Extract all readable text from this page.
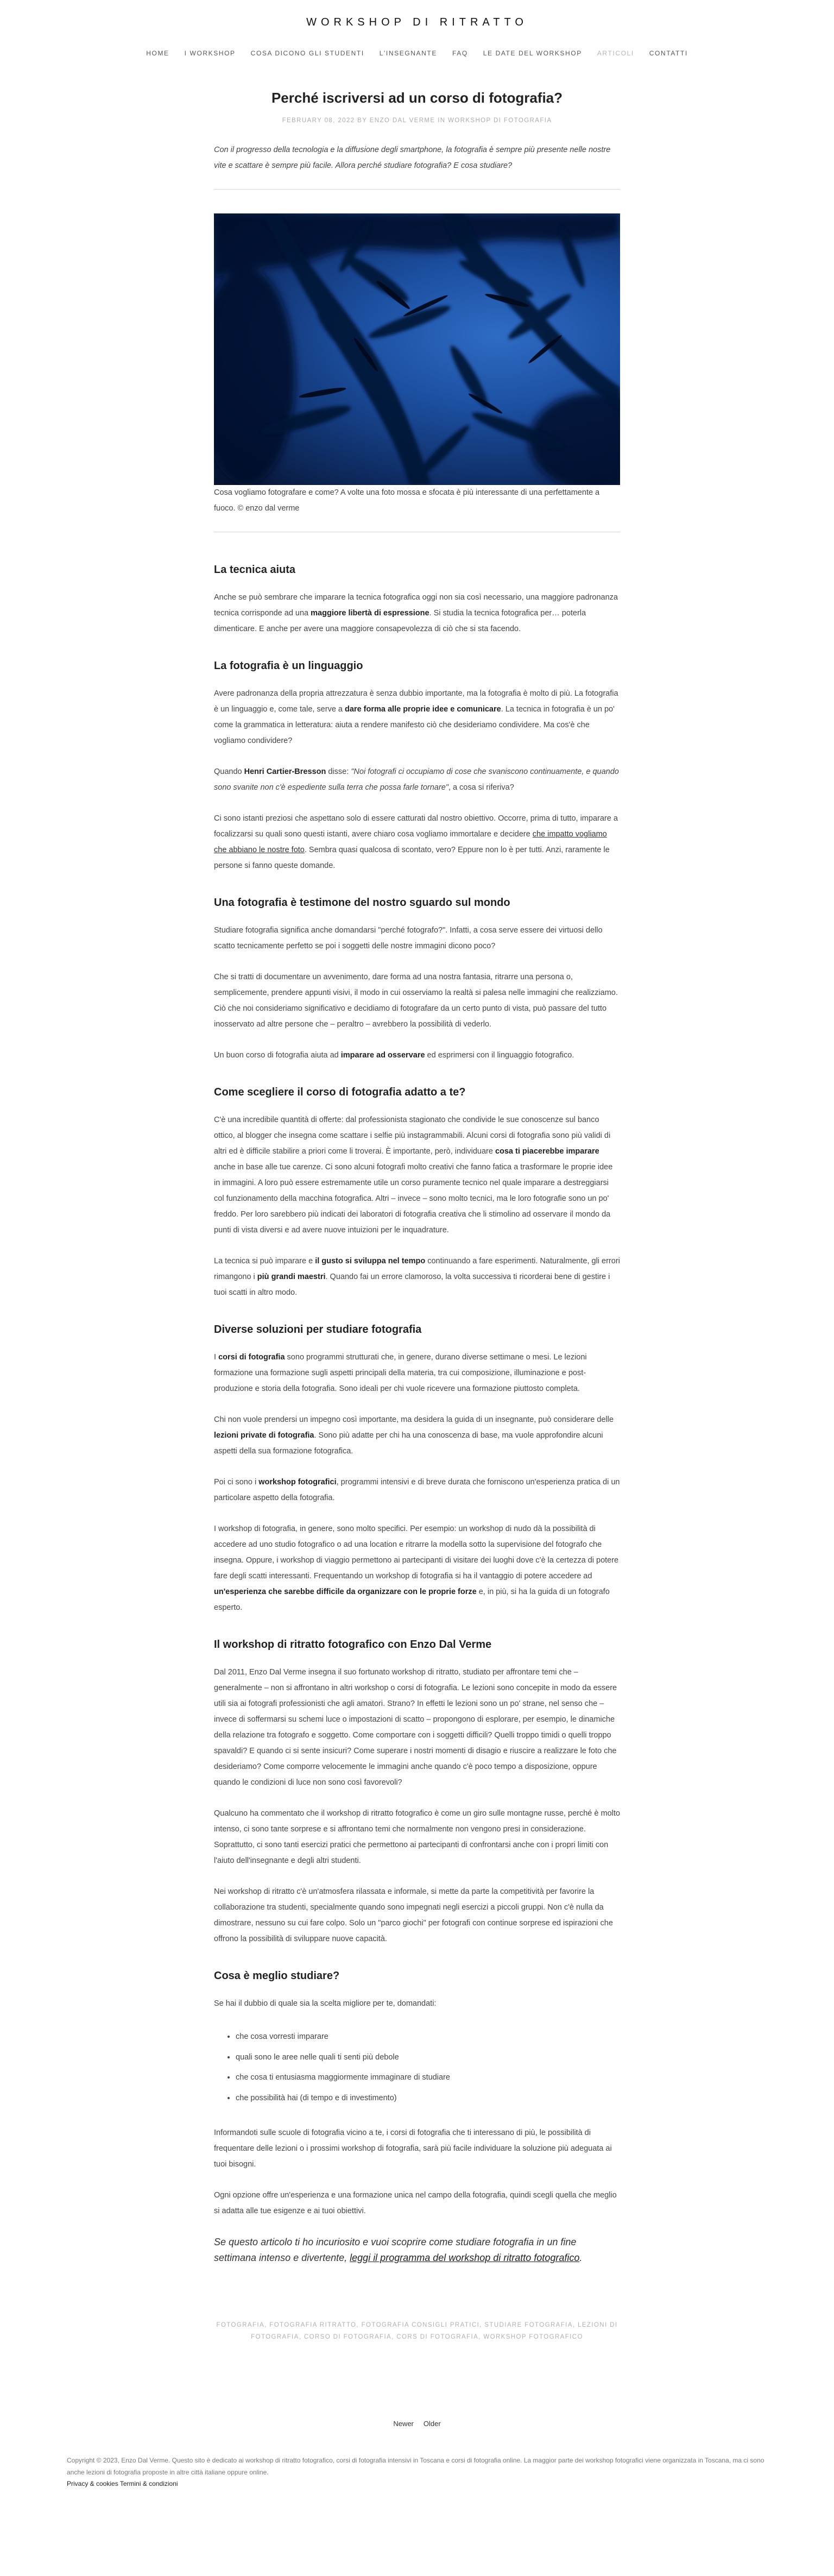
WORKSHOP DI RITRATTO
HOME I WORKSHOP COSA DICONO GLI STUDENTI L'INSEGNANTE FAQ LE DATE DEL WORKSHOP ARTICOLI CONTATTI
Perché iscriversi ad un corso di fotografia?
FEBRUARY 08, 2022 BY ENZO DAL VERME IN WORKSHOP DI FOTOGRAFIA

Con il progresso della tecnologia e la diffusione degli smartphone, la fotografia è sempre più presente nelle nostre vite e scattare è sempre più facile. Allora perché studiare fotografia? E cosa studiare?

Cosa vogliamo fotografare e come? A volte una foto mossa e sfocata è più interessante di una perfettamente a fuoco. © enzo dal verme

La tecnica aiuta

Anche se può sembrare che imparare la tecnica fotografica oggi non sia così necessario, una maggiore padronanza tecnica corrisponde ad una maggiore libertà di espressione. Si studia la tecnica fotografica per… poterla dimenticare. E anche per avere una maggiore consapevolezza di ciò che si sta facendo.

La fotografia è un linguaggio

Avere padronanza della propria attrezzatura è senza dubbio importante, ma la fotografia è molto di più. La fotografia è un linguaggio e, come tale, serve a dare forma alle proprie idee e comunicare. La tecnica in fotografia è un po' come la grammatica in letteratura: aiuta a rendere manifesto ciò che desideriamo condividere. Ma cos'è che vogliamo condividere?

Quando Henri Cartier-Bresson disse: "Noi fotografi ci occupiamo di cose che svaniscono continuamente, e quando sono svanite non c'è espediente sulla terra che possa farle tornare", a cosa si riferiva?

Ci sono istanti preziosi che aspettano solo di essere catturati dal nostro obiettivo. Occorre, prima di tutto, imparare a focalizzarsi su quali sono questi istanti, avere chiaro cosa vogliamo immortalare e decidere che impatto vogliamo che abbiano le nostre foto. Sembra quasi qualcosa di scontato, vero? Eppure non lo è per tutti. Anzi, raramente le persone si fanno queste domande.

Una fotografia è testimone del nostro sguardo sul mondo

Studiare fotografia significa anche domandarsi "perché fotografo?". Infatti, a cosa serve essere dei virtuosi dello scatto tecnicamente perfetto se poi i soggetti delle nostre immagini dicono poco?

Che si tratti di documentare un avvenimento, dare forma ad una nostra fantasia, ritrarre una persona o, semplicemente, prendere appunti visivi, il modo in cui osserviamo la realtà si palesa nelle immagini che realizziamo. Ciò che noi consideriamo significativo e decidiamo di fotografare da un certo punto di vista, può passare del tutto inosservato ad altre persone che – peraltro – avrebbero la possibilità di vederlo.

Un buon corso di fotografia aiuta ad imparare ad osservare ed esprimersi con il linguaggio fotografico.

Come scegliere il corso di fotografia adatto a te?

C'è una incredibile quantità di offerte: dal professionista stagionato che condivide le sue conoscenze sul banco ottico, al blogger che insegna come scattare i selfie più instagrammabili. Alcuni corsi di fotografia sono più validi di altri ed è difficile stabilire a priori come li troverai. È importante, però, individuare cosa ti piacerebbe imparare anche in base alle tue carenze. Ci sono alcuni fotografi molto creativi che fanno fatica a trasformare le proprie idee in immagini. A loro può essere estremamente utile un corso puramente tecnico nel quale imparare a destreggiarsi col funzionamento della macchina fotografica. Altri – invece – sono molto tecnici, ma le loro fotografie sono un po' freddo. Per loro sarebbero più indicati dei laboratori di fotografia creativa che li stimolino ad osservare il mondo da punti di vista diversi e ad avere nuove intuizioni per le inquadrature.

La tecnica si può imparare e il gusto si sviluppa nel tempo continuando a fare esperimenti. Naturalmente, gli errori rimangono i più grandi maestri. Quando fai un errore clamoroso, la volta successiva ti ricorderai bene di gestire i tuoi scatti in altro modo.

Diverse soluzioni per studiare fotografia

I corsi di fotografia sono programmi strutturati che, in genere, durano diverse settimane o mesi. Le lezioni formazione una formazione sugli aspetti principali della materia, tra cui composizione, illuminazione e post-produzione e storia della fotografia. Sono ideali per chi vuole ricevere una formazione piuttosto completa.

Chi non vuole prendersi un impegno così importante, ma desidera la guida di un insegnante, può considerare delle lezioni private di fotografia. Sono più adatte per chi ha una conoscenza di base, ma vuole approfondire alcuni aspetti della sua formazione fotografica.

Poi ci sono i workshop fotografici, programmi intensivi e di breve durata che forniscono un'esperienza pratica di un particolare aspetto della fotografia.

I workshop di fotografia, in genere, sono molto specifici. Per esempio: un workshop di nudo dà la possibilità di accedere ad uno studio fotografico o ad una location e ritrarre la modella sotto la supervisione del fotografo che insegna. Oppure, i workshop di viaggio permettono ai partecipanti di visitare dei luoghi dove c'è la certezza di potere fare degli scatti interessanti. Frequentando un workshop di fotografia si ha il vantaggio di potere accedere ad un'esperienza che sarebbe difficile da organizzare con le proprie forze e, in più, si ha la guida di un fotografo esperto.

Il workshop di ritratto fotografico con Enzo Dal Verme

Dal 2011, Enzo Dal Verme insegna il suo fortunato workshop di ritratto, studiato per affrontare temi che – generalmente – non si affrontano in altri workshop o corsi di fotografia. Le lezioni sono concepite in modo da essere utili sia ai fotografi professionisti che agli amatori. Strano? In effetti le lezioni sono un po' strane, nel senso che – invece di soffermarsi su schemi luce o impostazioni di scatto – propongono di esplorare, per esempio, le dinamiche della relazione tra fotografo e soggetto. Come comportare con i soggetti difficili? Quelli troppo timidi o quelli troppo spavaldi? E quando ci si sente insicuri? Come superare i nostri momenti di disagio e riuscire a realizzare le foto che desideriamo? Come comporre velocemente le immagini anche quando c'è poco tempo a disposizione, oppure quando le condizioni di luce non sono così favorevoli?

Qualcuno ha commentato che il workshop di ritratto fotografico è come un giro sulle montagne russe, perché è molto intenso, ci sono tante sorprese e si affrontano temi che normalmente non vengono presi in considerazione. Soprattutto, ci sono tanti esercizi pratici che permettono ai partecipanti di confrontarsi anche con i propri limiti con l'aiuto dell'insegnante e degli altri studenti.

Nei workshop di ritratto c'è un'atmosfera rilassata e informale, si mette da parte la competitività per favorire la collaborazione tra studenti, specialmente quando sono impegnati negli esercizi a piccoli gruppi. Non c'è nulla da dimostrare, nessuno su cui fare colpo. Solo un "parco giochi" per fotografi con continue sorprese ed ispirazioni che offrono la possibilità di sviluppare nuove capacità.

Cosa è meglio studiare?

Se hai il dubbio di quale sia la scelta migliore per te, domandati:

• che cosa vorresti imparare
• quali sono le aree nelle quali ti senti più debole
• che cosa ti entusiasma maggiormente immaginare di studiare
• che possibilità hai (di tempo e di investimento)

Informandoti sulle scuole di fotografia vicino a te, i corsi di fotografia che ti interessano di più, le possibilità di frequentare delle lezioni o i prossimi workshop di fotografia, sarà più facile individuare la soluzione più adeguata ai tuoi bisogni.

Ogni opzione offre un'esperienza e una formazione unica nel campo della fotografia, quindi scegli quella che meglio si adatta alle tue esigenze e ai tuoi obiettivi.

Se questo articolo ti ho incuriosito e vuoi scoprire come studiare fotografia in un fine settimana intenso e divertente, leggi il programma del workshop di ritratto fotografico.

FOTOGRAFIA, FOTOGRAFIA RITRATTO, FOTOGRAFIA CONSIGLI PRATICI, STUDIARE FOTOGRAFIA, LEZIONI DI
FOTOGRAFIA, CORSO DI FOTOGRAFIA, CORS DI FOTOGRAFIA, WORKSHOP FOTOGRAFICO
Newer Older
Copyright © 2023, Enzo Dal Verme. Questo sito è dedicato ai workshop di ritratto fotografico, corsi di fotografia intensivi in Toscana e corsi di fotografia online. La maggior parte dei workshop fotografici viene organizzata in Toscana, ma ci sono anche lezioni di fotografia proposte in altre città italiane oppure online.
Privacy & cookies Termini & condizioni
